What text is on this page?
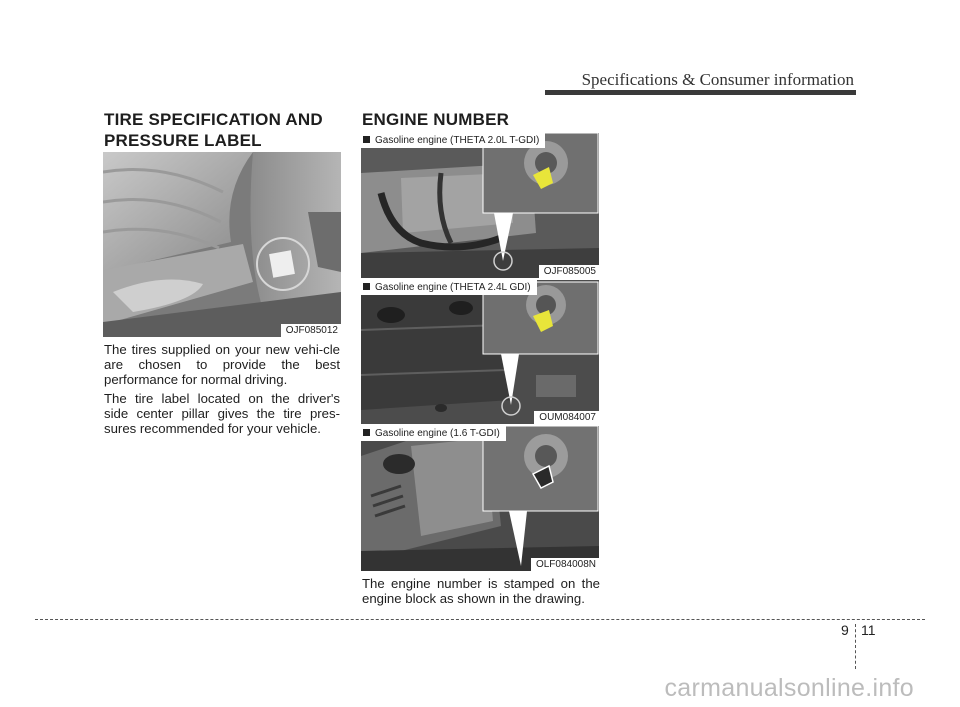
Specifications & Consumer information
TIRE SPECIFICATION AND
PRESSURE LABEL
OJF085012

The tires supplied on your new vehi-cle are chosen to provide the best performance for normal driving.

The tire label located on the driver's side center pillar gives the tire pres-sures recommended for your vehicle.

ENGINE NUMBER
Gasoline engine (THETA 2.0L T-GDI)
OJF085005
Gasoline engine (THETA 2.4L GDI)
OUM084007
Gasoline engine (1.6 T-GDI)
OLF084008N

The engine number is stamped on the engine block as shown in the drawing.

9 11
carmanualsonline.info
